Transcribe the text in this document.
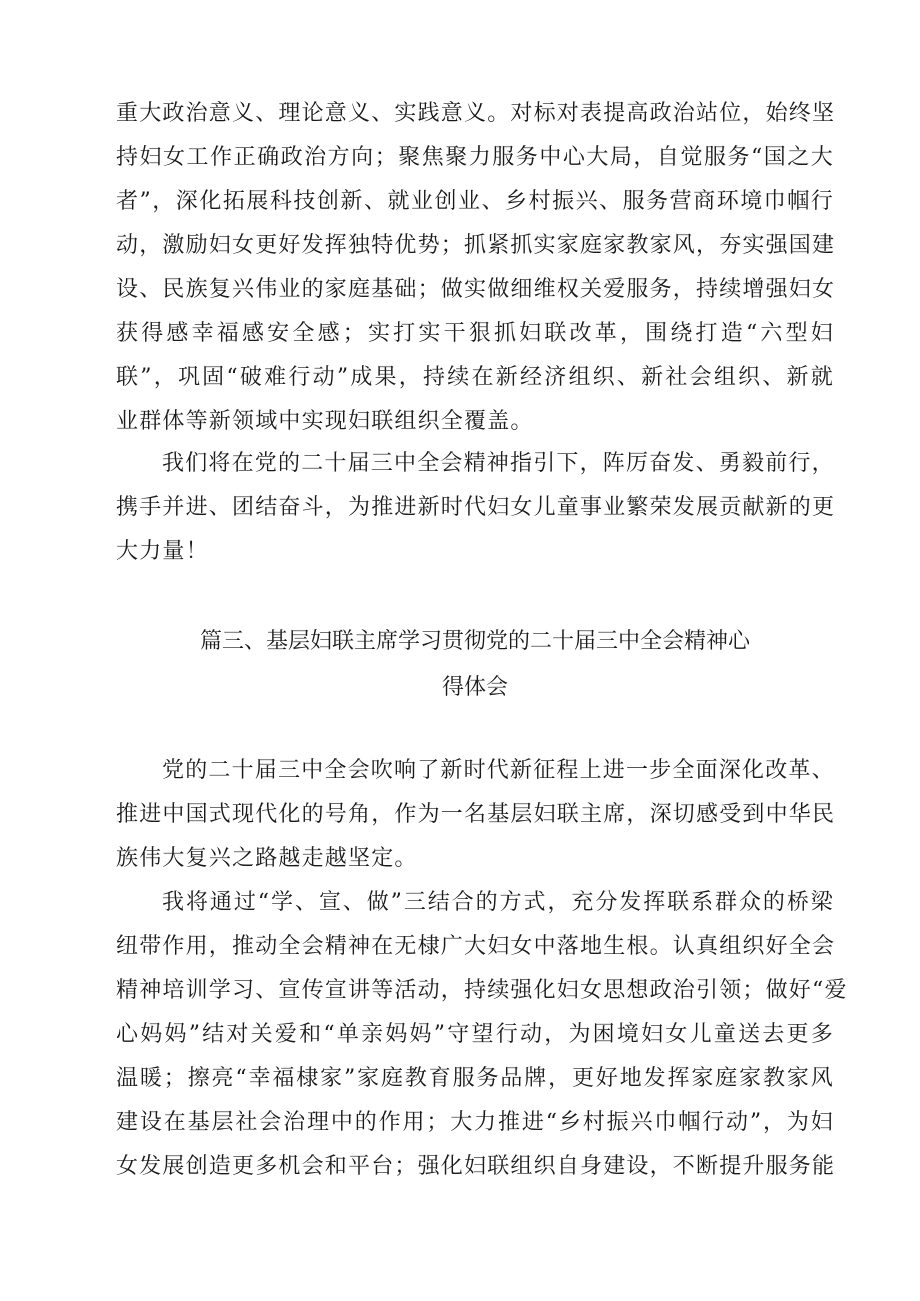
重大政治意义、理论意义、实践意义。对标对表提高政治站位，始终坚
持妇女工作正确政治方向；聚焦聚力服务中心大局，自觉服务“国之大
者”，深化拓展科技创新、就业创业、乡村振兴、服务营商环境巾帼行
动，激励妇女更好发挥独特优势；抓紧抓实家庭家教家风，夯实强国建
设、民族复兴伟业的家庭基础；做实做细维权关爱服务，持续增强妇女
获得感幸福感安全感；实打实干狠抓妇联改革，围绕打造“六型妇
联”，巩固“破难行动”成果，持续在新经济组织、新社会组织、新就
业群体等新领域中实现妇联组织全覆盖。
我们将在党的二十届三中全会精神指引下，阵厉奋发、勇毅前行，
携手并进、团结奋斗，为推进新时代妇女儿童事业繁荣发展贡献新的更
大力量！
篇三、基层妇联主席学习贯彻党的二十届三中全会精神心
得体会
党的二十届三中全会吹响了新时代新征程上进一步全面深化改革、
推进中国式现代化的号角，作为一名基层妇联主席，深切感受到中华民
族伟大复兴之路越走越坚定。
我将通过“学、宣、做”三结合的方式，充分发挥联系群众的桥梁
纽带作用，推动全会精神在无棣广大妇女中落地生根。认真组织好全会
精神培训学习、宣传宣讲等活动，持续强化妇女思想政治引领；做好“爱
心妈妈”结对关爱和“单亲妈妈”守望行动，为困境妇女儿童送去更多
温暖；擦亮“幸福棣家”家庭教育服务品牌，更好地发挥家庭家教家风
建设在基层社会治理中的作用；大力推进“乡村振兴巾帼行动”，为妇
女发展创造更多机会和平台；强化妇联组织自身建设，不断提升服务能
